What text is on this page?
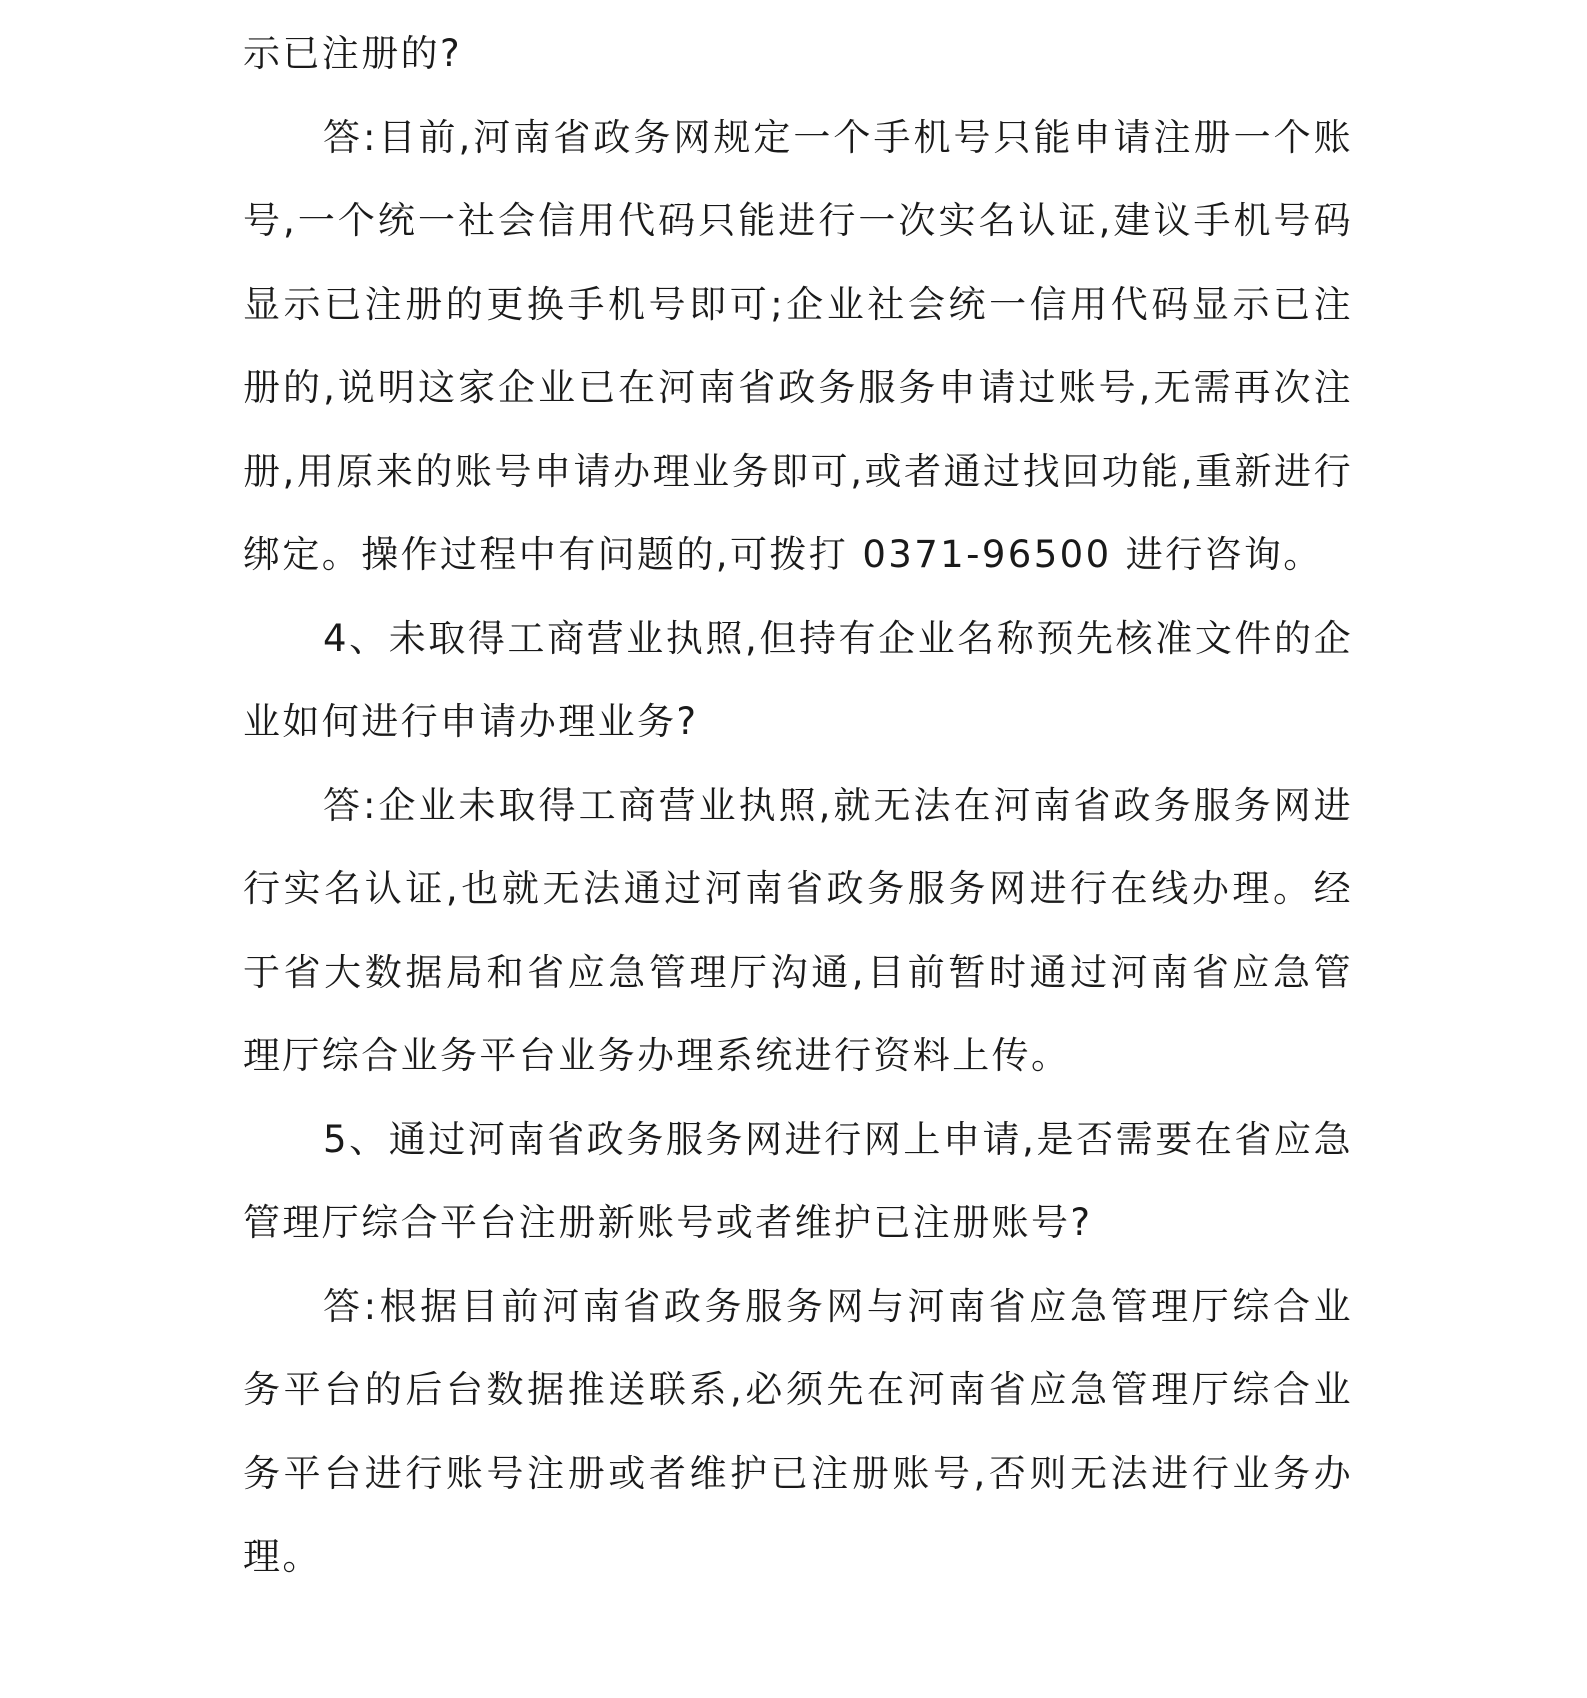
示已注册的?

答:目前,河南省政务网规定一个手机号只能申请注册一个账号,一个统一社会信用代码只能进行一次实名认证,建议手机号码显示已注册的更换手机号即可;企业社会统一信用代码显示已注册的,说明这家企业已在河南省政务服务申请过账号,无需再次注册,用原来的账号申请办理业务即可,或者通过找回功能,重新进行绑定。操作过程中有问题的,可拨打 0371-96500 进行咨询。

4、未取得工商营业执照,但持有企业名称预先核准文件的企业如何进行申请办理业务?

答:企业未取得工商营业执照,就无法在河南省政务服务网进行实名认证,也就无法通过河南省政务服务网进行在线办理。经于省大数据局和省应急管理厅沟通,目前暂时通过河南省应急管理厅综合业务平台业务办理系统进行资料上传。

5、通过河南省政务服务网进行网上申请,是否需要在省应急管理厅综合平台注册新账号或者维护已注册账号?

答:根据目前河南省政务服务网与河南省应急管理厅综合业务平台的后台数据推送联系,必须先在河南省应急管理厅综合业务平台进行账号注册或者维护已注册账号,否则无法进行业务办理。
